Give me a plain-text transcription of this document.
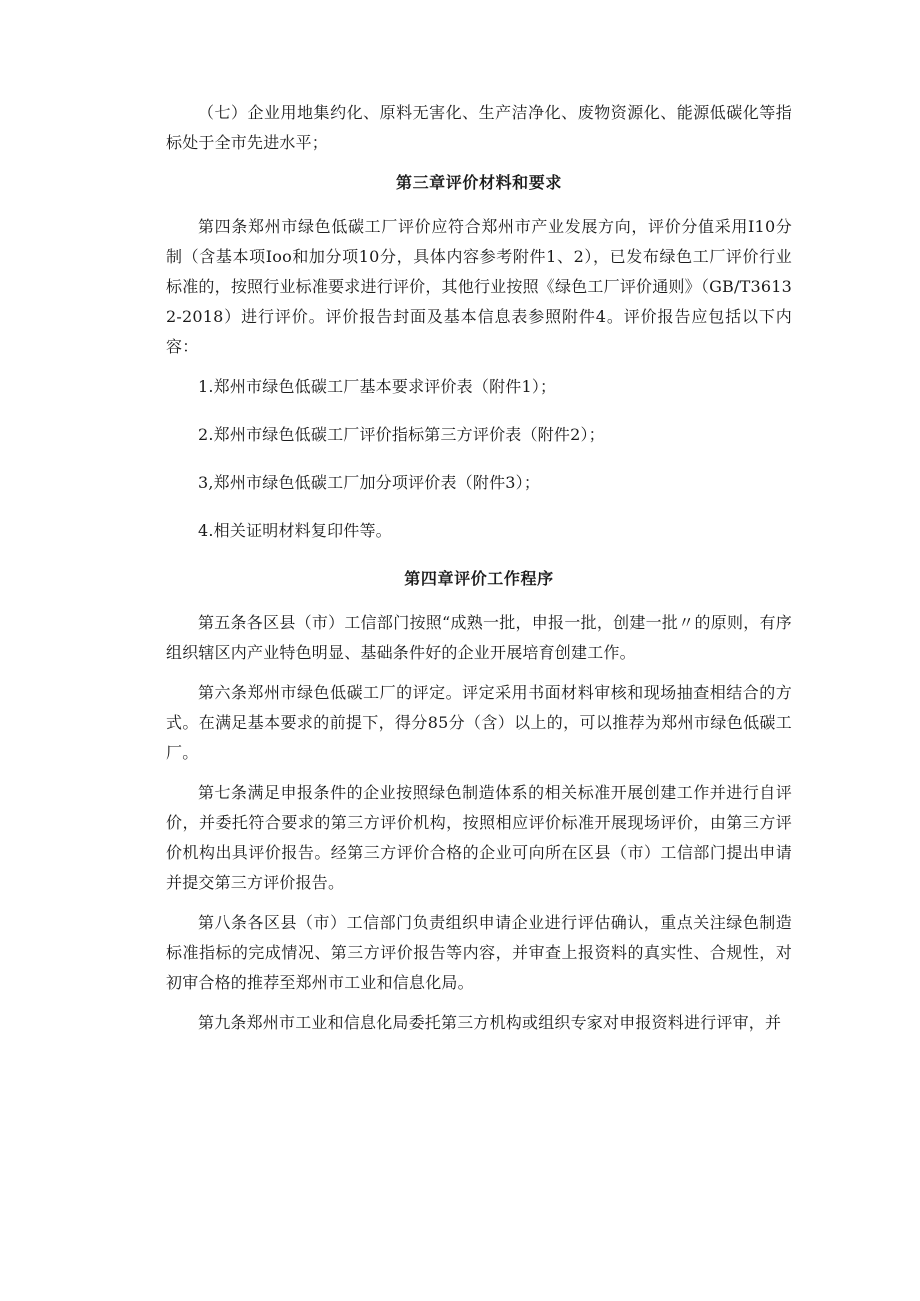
（七）企业用地集约化、原料无害化、生产洁净化、废物资源化、能源低碳化等指标处于全市先进水平；

第三章评价材料和要求

第四条郑州市绿色低碳工厂评价应符合郑州市产业发展方向，评价分值采用I10分制（含基本项Ioo和加分项10分，具体内容参考附件1、2），已发布绿色工厂评价行业标准的，按照行业标准要求进行评价，其他行业按照《绿色工厂评价通则》（GB/T36132-2018）进行评价。评价报告封面及基本信息表参照附件4。评价报告应包括以下内容：

1.郑州市绿色低碳工厂基本要求评价表（附件1）；
2.郑州市绿色低碳工厂评价指标第三方评价表（附件2）；
3,郑州市绿色低碳工厂加分项评价表（附件3）；
4.相关证明材料复印件等。
第四章评价工作程序

第五条各区县（市）工信部门按照“成熟一批，申报一批，创建一批〃的原则，有序组织辖区内产业特色明显、基础条件好的企业开展培育创建工作。

第六条郑州市绿色低碳工厂的评定。评定采用书面材料审核和现场抽查相结合的方式。在满足基本要求的前提下，得分85分（含）以上的，可以推荐为郑州市绿色低碳工厂。

第七条满足申报条件的企业按照绿色制造体系的相关标准开展创建工作并进行自评价，并委托符合要求的第三方评价机构，按照相应评价标准开展现场评价，由第三方评价机构出具评价报告。经第三方评价合格的企业可向所在区县（市）工信部门提出申请并提交第三方评价报告。

第八条各区县（市）工信部门负责组织申请企业进行评估确认，重点关注绿色制造标准指标的完成情况、第三方评价报告等内容，并审查上报资料的真实性、合规性，对初审合格的推荐至郑州市工业和信息化局。

第九条郑州市工业和信息化局委托第三方机构或组织专家对申报资料进行评审，并
